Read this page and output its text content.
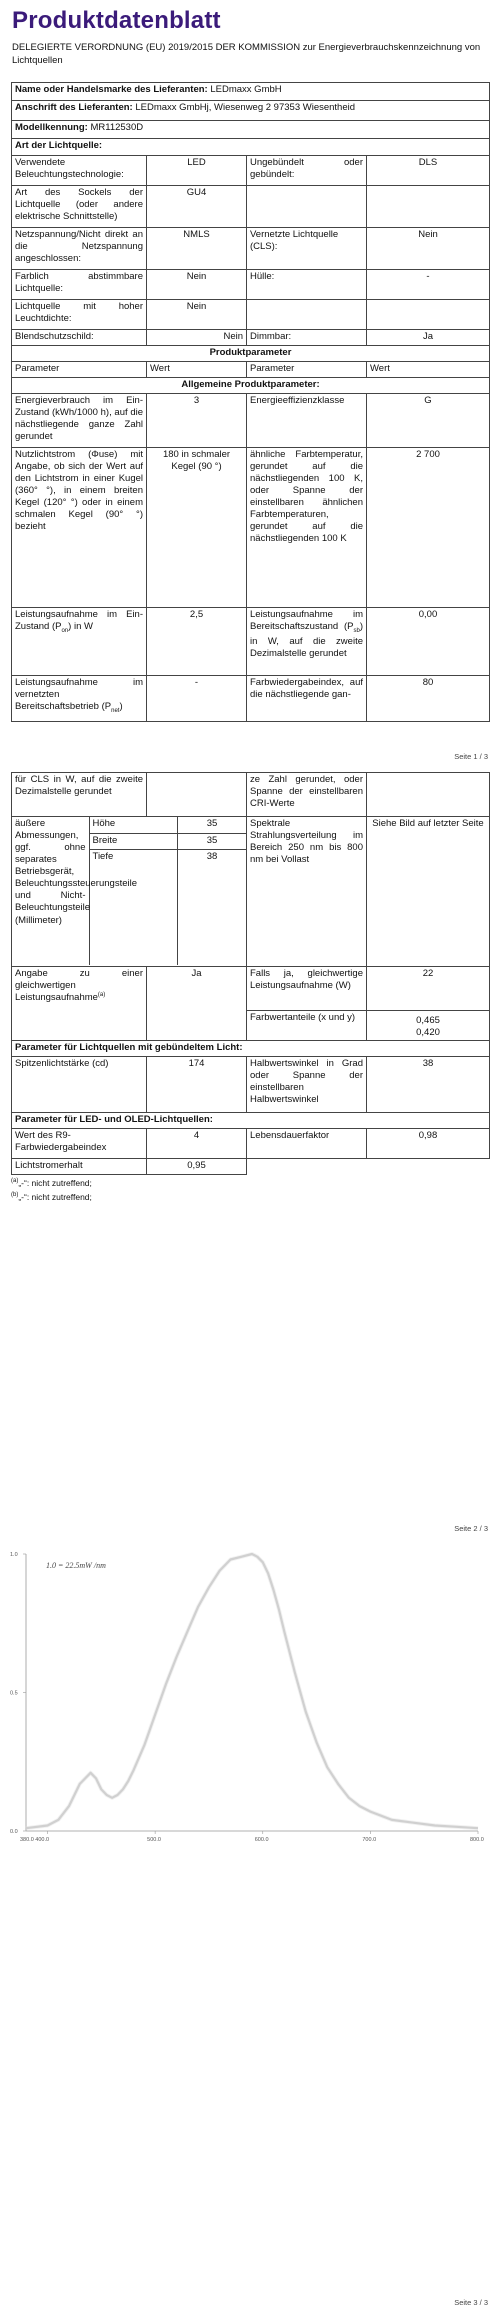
Produktdatenblatt
DELEGIERTE VERORDNUNG (EU) 2019/2015 DER KOMMISSION zur Energieverbrauchskennzeichnung von Lichtquellen
Name oder Handelsmarke des Lieferanten: LEDmaxx GmbH			
Anschrift des Lieferanten: LEDmaxx GmbHj, Wiesenweg 2 97353 Wiesentheid			
Modellkennung: MR112530D			
Art der Lichtquelle:			
Verwendete Beleuchtungstechnologie:	LED	Ungebündelt oder gebündelt:	DLS
Art des Sockels der Lichtquelle (oder andere elektrische Schnittstelle)	GU4		
Netzspannung/Nicht direkt an die Netzspannung angeschlossen:	NMLS	Vernetzte Lichtquelle (CLS):	Nein
Farblich abstimmbare Lichtquelle:	Nein	Hülle:	-
Lichtquelle mit hoher Leuchtdichte:	Nein		
Blendschutzschild:	Nein	Dimmbar:	Ja
Produktparameter			
Parameter	Wert	Parameter	Wert
Allgemeine Produktparameter:			
Energieverbrauch im Ein-Zustand (kWh/1000 h), auf die nächstliegende ganze Zahl gerundet	3	Energieeffizienzklasse	G
Nutzlichtstrom (Φuse) mit Angabe, ob sich der Wert auf den Lichtstrom in einer Kugel (360° °), in einem breiten Kegel (120° °) oder in einem schmalen Kegel (90° °) bezieht	180 in schmaler Kegel (90 °)	ähnliche Farbtemperatur, gerundet auf die nächstliegenden 100 K, oder Spanne der einstellbaren ähnlichen Farbtemperaturen, gerundet auf die nächstliegenden 100 K	2 700
Leistungsaufnahme im Ein-Zustand $(P_{on})$ in W	2,5	Leistungsaufnahme im Bereitschaftszustand $(P_{sb})$ in W, auf die zweite Dezimalstelle gerundet	0,00
Leistungsaufnahme im vernetzten Bereitschaftsbetrieb $(P_{net})$	-	Farbwiedergabeindex, auf die nächstliegende gan-	80
Seite 1 / 3
für CLS in W, auf die zweite Dezimalstelle gerundet		ze Zahl gerundet, oder Spanne der einstellbaren CRI-Werte	

äußere Abmessungen, ggf. ohne separates Betriebsgerät, Beleuchtungssteuerungsteile und Nicht-Beleuchtungsteile (Millimeter)	
Höhe	35
Breite	35
Tiefe	38
	Spektrale Strahlungsverteilung im Bereich 250 nm bis 800 nm bei Vollast	Siehe Bild auf letzter Seite
Angabe zu einer gleichwertigen Leistungsaufnahme$^{(a)}$	Ja	Falls ja, gleichwertige Leistungsaufnahme (W)	22
Farbwertanteile (x und y)	0,465
0,420

Parameter für Lichtquellen mit gebündeltem Licht:
Spitzenlichtstärke (cd)	174	Halbwertswinkel in Grad oder Spanne der einstellbaren Halbwertswinkel	38
Parameter für LED- und OLED-Lichtquellen:
Wert des R9-Farbwiedergabeindex	4	Lebensdauerfaktor	0,98
Lichtstromerhalt	0,95		
$^{(a)}$„-“: nicht zutreffend;
$^{(b)}$„-“: nicht zutreffend;
Seite 2 / 3
1.0
0.5
0.0
380.0 400.0	500.0	600.0	700.0	800.0
1.0 = 22.5mW /nm
Seite 3 / 3
